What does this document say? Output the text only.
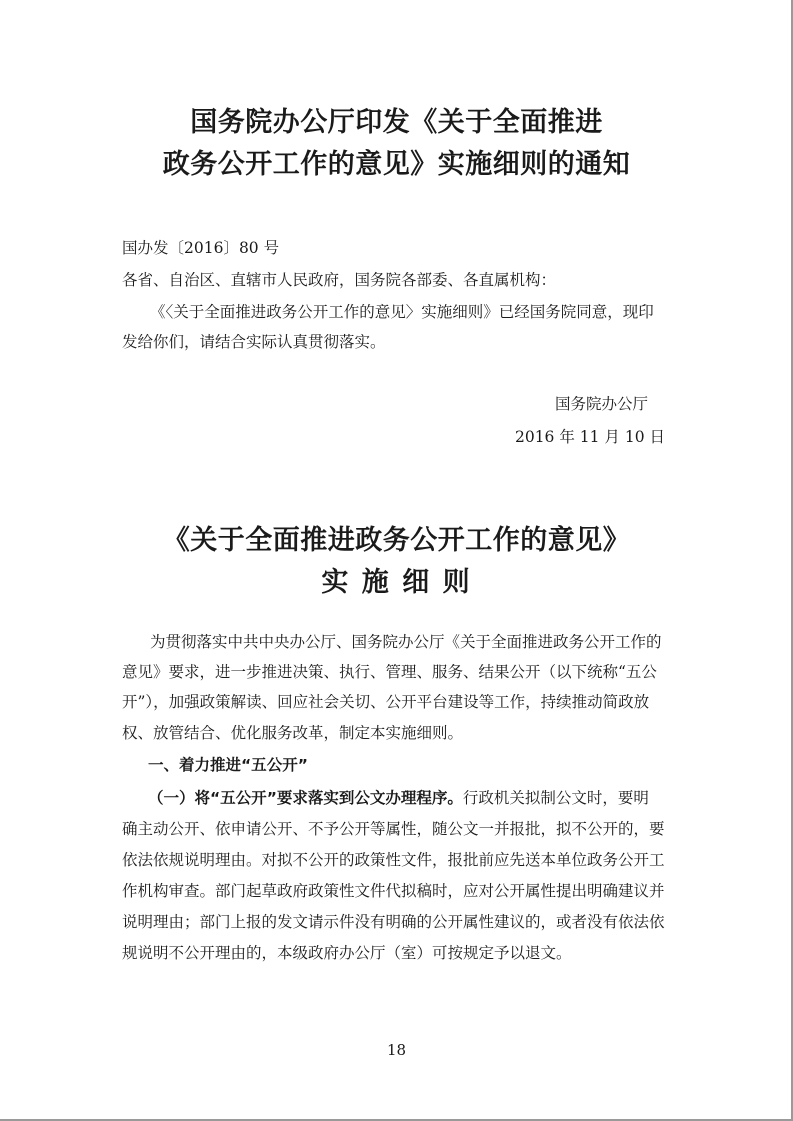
国务院办公厅印发《关于全面推进
政务公开工作的意见》实施细则的通知
国办发〔2016〕80 号
各省、自治区、直辖市人民政府，国务院各部委、各直属机构：
《〈关于全面推进政务公开工作的意见〉实施细则》已经国务院同意，现印
发给你们，请结合实际认真贯彻落实。
国务院办公厅
2016 年 11 月 10 日
《关于全面推进政务公开工作的意见》
实 施 细 则
为贯彻落实中共中央办公厅、国务院办公厅《关于全面推进政务公开工作的
意见》要求，进一步推进决策、执行、管理、服务、结果公开（以下统称“五公
开”），加强政策解读、回应社会关切、公开平台建设等工作，持续推动简政放
权、放管结合、优化服务改革，制定本实施细则。
一、着力推进“五公开”
（一）将“五公开”要求落实到公文办理程序。行政机关拟制公文时，要明
确主动公开、依申请公开、不予公开等属性，随公文一并报批，拟不公开的，要
依法依规说明理由。对拟不公开的政策性文件，报批前应先送本单位政务公开工
作机构审查。部门起草政府政策性文件代拟稿时，应对公开属性提出明确建议并
说明理由；部门上报的发文请示件没有明确的公开属性建议的，或者没有依法依
规说明不公开理由的，本级政府办公厅（室）可按规定予以退文。
18
